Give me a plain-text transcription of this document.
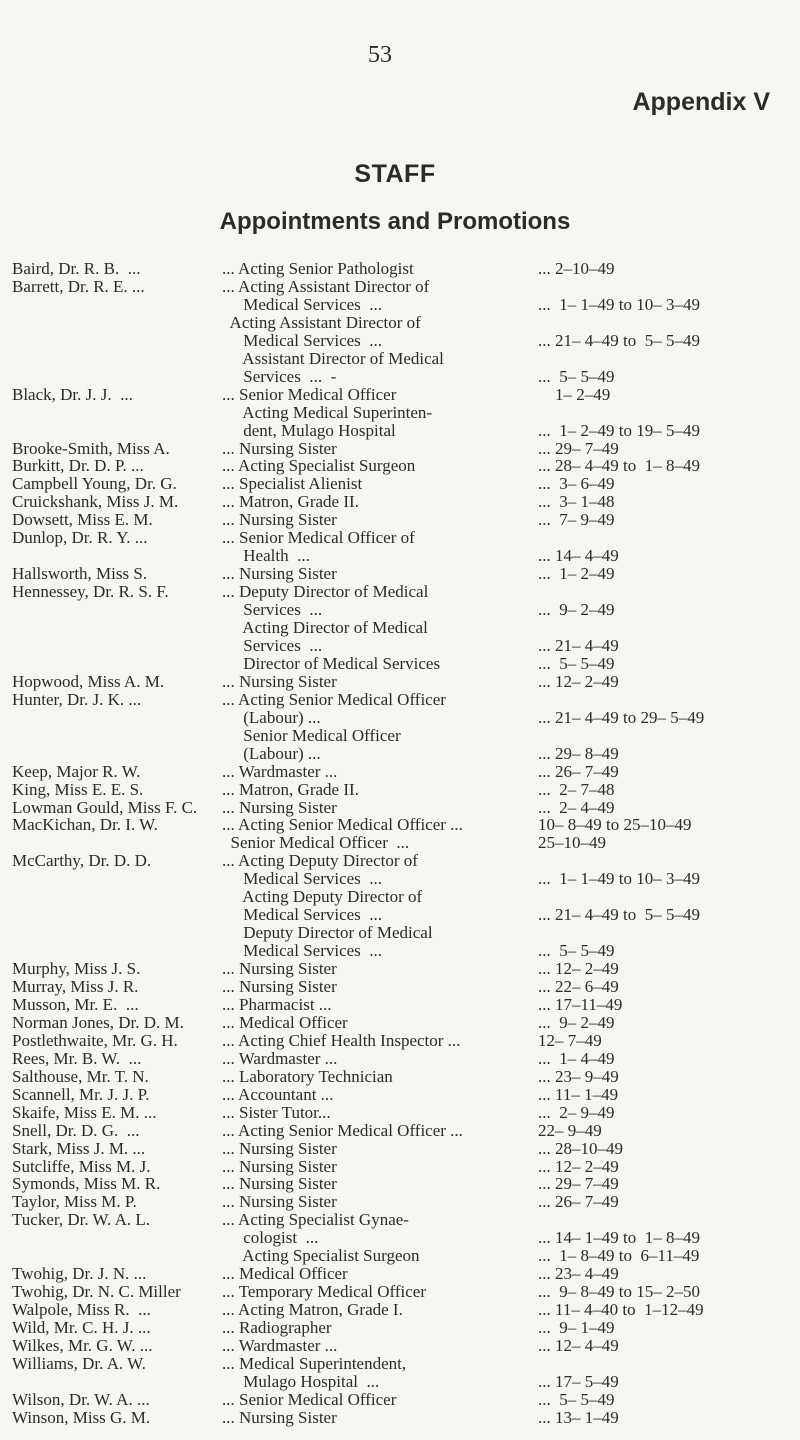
53
Appendix V
STAFF
Appointments and Promotions
Baird, Dr. R. B.  ...	... Acting Senior Pathologist	... 2–10–49
Barrett, Dr. R. E. ...	... Acting Assistant Director of
Medical Services  ...	...  1– 1–49 to 10– 3–49
Acting Assistant Director of
Medical Services  ...	... 21– 4–49 to  5– 5–49
Assistant Director of Medical
Services  ...  -	...  5– 5–49
Black, Dr. J. J.  ...	... Senior Medical Officer	1– 2–49
Acting Medical Superinten-
dent, Mulago Hospital	...  1– 2–49 to 19– 5–49
Brooke-Smith, Miss A.	... Nursing Sister	... 29– 7–49
Burkitt, Dr. D. P. ...	... Acting Specialist Surgeon	... 28– 4–49 to  1– 8–49
Campbell Young, Dr. G.	... Specialist Alienist	...  3– 6–49
Cruickshank, Miss J. M.	... Matron, Grade II.	...  3– 1–48
Dowsett, Miss E. M.	... Nursing Sister	...  7– 9–49
Dunlop, Dr. R. Y. ...	... Senior Medical Officer of
Health  ...	... 14– 4–49
Hallsworth, Miss S.	... Nursing Sister	...  1– 2–49
Hennessey, Dr. R. S. F.	... Deputy Director of Medical
Services  ...	...  9– 2–49
Acting Director of Medical
Services  ...	... 21– 4–49
Director of Medical Services	...  5– 5–49
Hopwood, Miss A. M.	... Nursing Sister	... 12– 2–49
Hunter, Dr. J. K. ...	... Acting Senior Medical Officer
(Labour) ...	... 21– 4–49 to 29– 5–49
Senior Medical Officer
(Labour) ...	... 29– 8–49
Keep, Major R. W.	... Wardmaster ...	... 26– 7–49
King, Miss E. E. S.	... Matron, Grade II.	...  2– 7–48
Lowman Gould, Miss F. C. ... Nursing Sister	...  2– 4–49
MacKichan, Dr. I. W.	... Acting Senior Medical Officer ...	10– 8–49 to 25–10–49
Senior Medical Officer  ...	25–10–49
McCarthy, Dr. D. D.	... Acting Deputy Director of
Medical Services  ...	...  1– 1–49 to 10– 3–49
Acting Deputy Director of
Medical Services  ...	... 21– 4–49 to  5– 5–49
Deputy Director of Medical
Medical Services  ...	...  5– 5–49
Murphy, Miss J. S.	... Nursing Sister	... 12– 2–49
Murray, Miss J. R.	... Nursing Sister	... 22– 6–49
Musson, Mr. E.  ...	... Pharmacist ...	... 17–11–49
Norman Jones, Dr. D. M. ... Medical Officer	...  9– 2–49
Postlethwaite, Mr. G. H.	... Acting Chief Health Inspector ...	12– 7–49
Rees, Mr. B. W.  ...	... Wardmaster ...	...  1– 4–49
Salthouse, Mr. T. N.	... Laboratory Technician	... 23– 9–49
Scannell, Mr. J. J. P.	... Accountant ...	... 11– 1–49
Skaife, Miss E. M. ...	... Sister Tutor...	...  2– 9–49
Snell, Dr. D. G.  ...	... Acting Senior Medical Officer ...	22– 9–49
Stark, Miss J. M. ...	... Nursing Sister	... 28–10–49
Sutcliffe, Miss M. J.	... Nursing Sister	... 12– 2–49
Symonds, Miss M. R.	... Nursing Sister	... 29– 7–49
Taylor, Miss M. P.	... Nursing Sister	... 26– 7–49
Tucker, Dr. W. A. L.	... Acting Specialist Gynae-
cologist  ...	... 14– 1–49 to  1– 8–49
Acting Specialist Surgeon	...  1– 8–49 to  6–11–49
Twohig, Dr. J. N. ...	... Medical Officer	... 23– 4–49
Twohig, Dr. N. C. Miller ... Temporary Medical Officer	...  9– 8–49 to 15– 2–50
Walpole, Miss R.  ...	... Acting Matron, Grade I.	... 11– 4–40 to  1–12–49
Wild, Mr. C. H. J. ...	... Radiographer	...  9– 1–49
Wilkes, Mr. G. W. ...	... Wardmaster ...	... 12– 4–49
Williams, Dr. A. W.	... Medical Superintendent,
Mulago Hospital  ...	... 17– 5–49
Wilson, Dr. W. A. ...	... Senior Medical Officer	...  5– 5–49
Winson, Miss G. M.	... Nursing Sister	... 13– 1–49
